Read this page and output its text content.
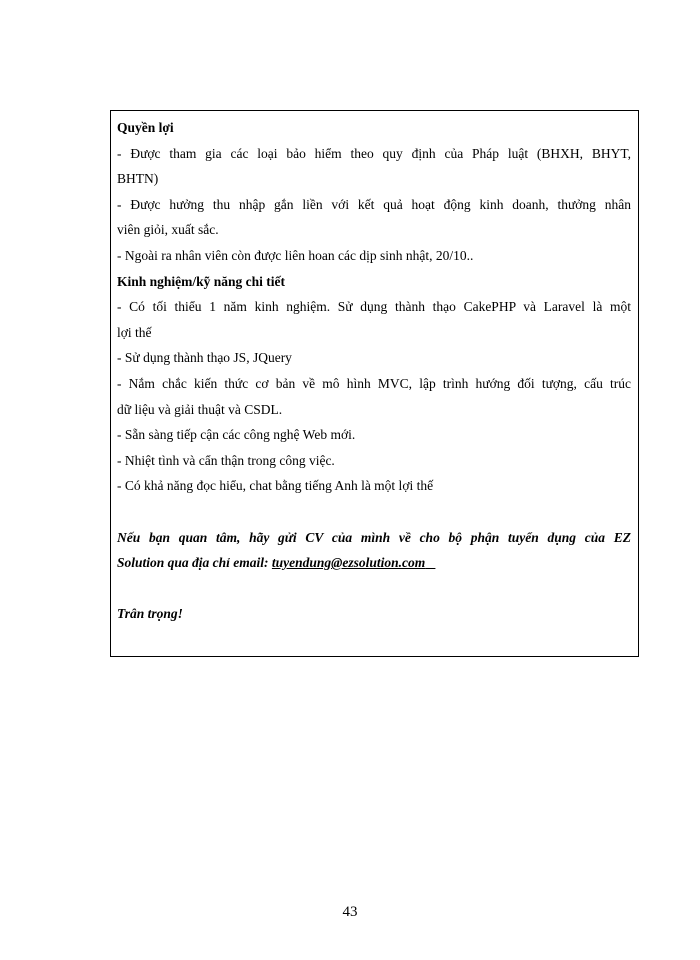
Quyền lợi
- Được tham gia các loại bảo hiểm theo quy định của Pháp luật (BHXH, BHYT,
BHTN)
- Được hưởng thu nhập gắn liền với kết quả hoạt động kinh doanh, thưởng nhân
viên giỏi, xuất sắc.
- Ngoài ra nhân viên còn được liên hoan các dịp sinh nhật, 20/10..
Kinh nghiệm/kỹ năng chi tiết
- Có tối thiểu 1 năm kinh nghiệm. Sử dụng thành thạo CakePHP và Laravel là một
lợi thế
- Sử dụng thành thạo JS, JQuery
- Nắm chắc kiến thức cơ bản về mô hình MVC, lập trình hướng đối tượng, cấu trúc
dữ liệu và giải thuật và CSDL.
- Sẵn sàng tiếp cận các công nghệ Web mới.
- Nhiệt tình và cẩn thận trong công việc.
- Có khả năng đọc hiểu, chat bằng tiếng Anh là một lợi thế
Nếu bạn quan tâm, hãy gửi CV của mình về cho bộ phận tuyển dụng của EZ
Solution qua địa chỉ email: tuyendung@ezsolution.com
Trân trọng!
43
